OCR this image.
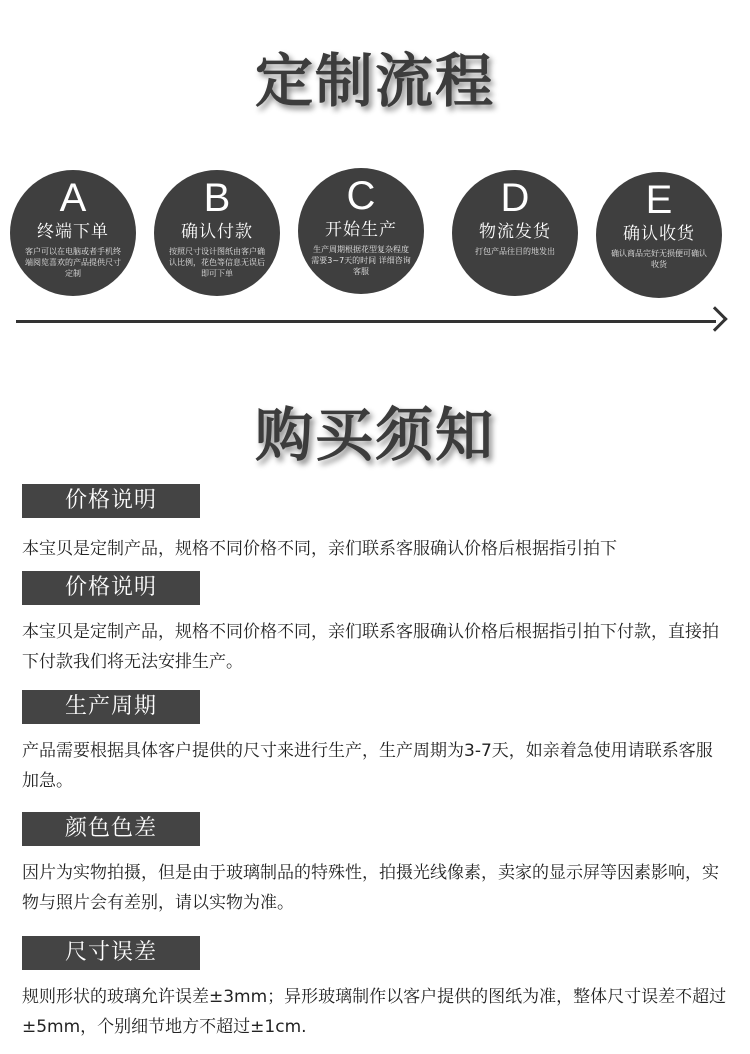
定制流程
A
终端下单
客户可以在电脑或者手机终端阅览喜欢的产品提供尺寸定制
B
确认付款
按照尺寸设计图纸由客户确认比例，花色等信息无误后即可下单
C
开始生产
生产周期根据花型复杂程度需要3~7天的时间 详细咨询客服
D
物流发货
打包产品往目的地发出
E
确认收货
确认商品完好无损便可确认收货
购买须知
价格说明
本宝贝是定制产品，规格不同价格不同，亲们联系客服确认价格后根据指引拍下
价格说明
本宝贝是定制产品，规格不同价格不同，亲们联系客服确认价格后根据指引拍下付款，直接拍下付款我们将无法安排生产。
生产周期
产品需要根据具体客户提供的尺寸来进行生产，生产周期为3-7天，如亲着急使用请联系客服加急。
颜色色差
因片为实物拍摄，但是由于玻璃制品的特殊性，拍摄光线像素，卖家的显示屏等因素影响，实物与照片会有差别，请以实物为准。
尺寸误差
规则形状的玻璃允许误差±3mm；异形玻璃制作以客户提供的图纸为准，整体尺寸误差不超过±5mm，个别细节地方不超过±1cm.
